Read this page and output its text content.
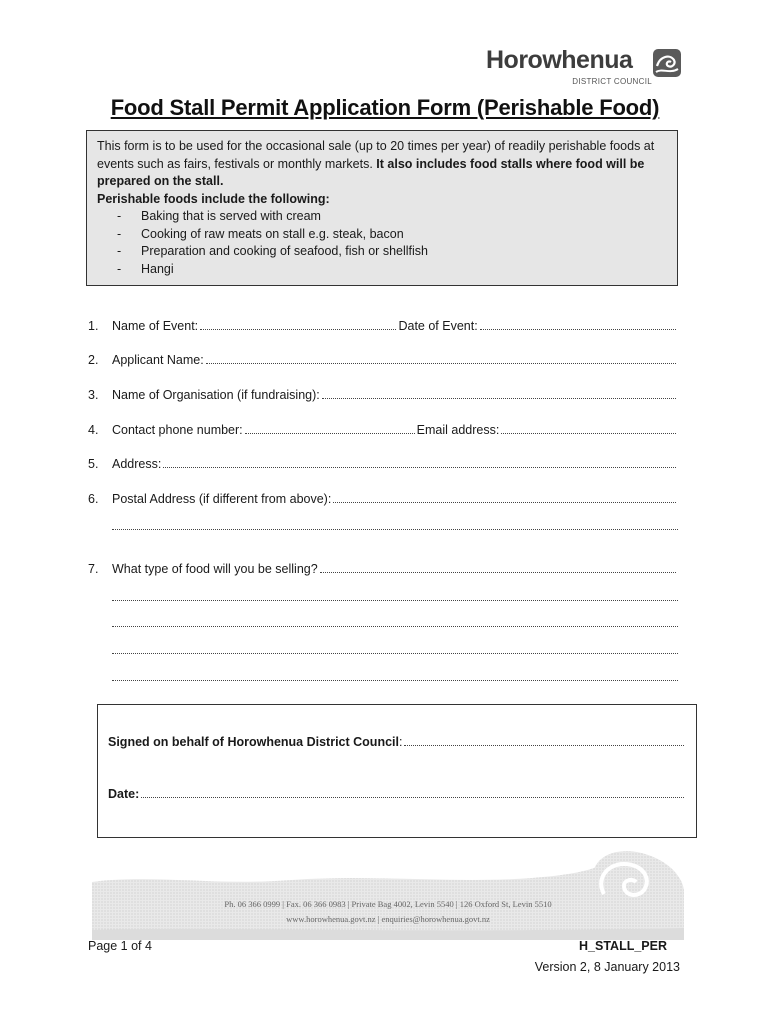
Horowhenua
DISTRICT COUNCIL
Food Stall Permit Application Form (Perishable Food)

This form is to be used for the occasional sale (up to 20 times per year) of readily perishable foods at events such as fairs, festivals or monthly markets. It also includes food stalls where food will be prepared on the stall.

Perishable foods include the following:

- Baking that is served with cream
- Cooking of raw meats on stall e.g. steak, bacon
- Preparation and cooking of seafood, fish or shellfish
- Hangi
1.	Name of Event:	Date of Event:
2.	Applicant Name:
3.	Name of Organisation (if fundraising):
4.	Contact phone number:	Email address:
5.	Address:
6.	Postal Address (if different from above):
7.	What type of food will you be selling?
Signed on behalf of Horowhenua District Council :
Date:
Ph. 06 366 0999 | Fax. 06 366 0983 | Private Bag 4002, Levin 5540 | 126 Oxford St, Levin 5510
www.horowhenua.govt.nz | enquiries@horowhenua.govt.nz
Page 1 of 4	H_STALL_PER
Version 2, 8 January 2013
